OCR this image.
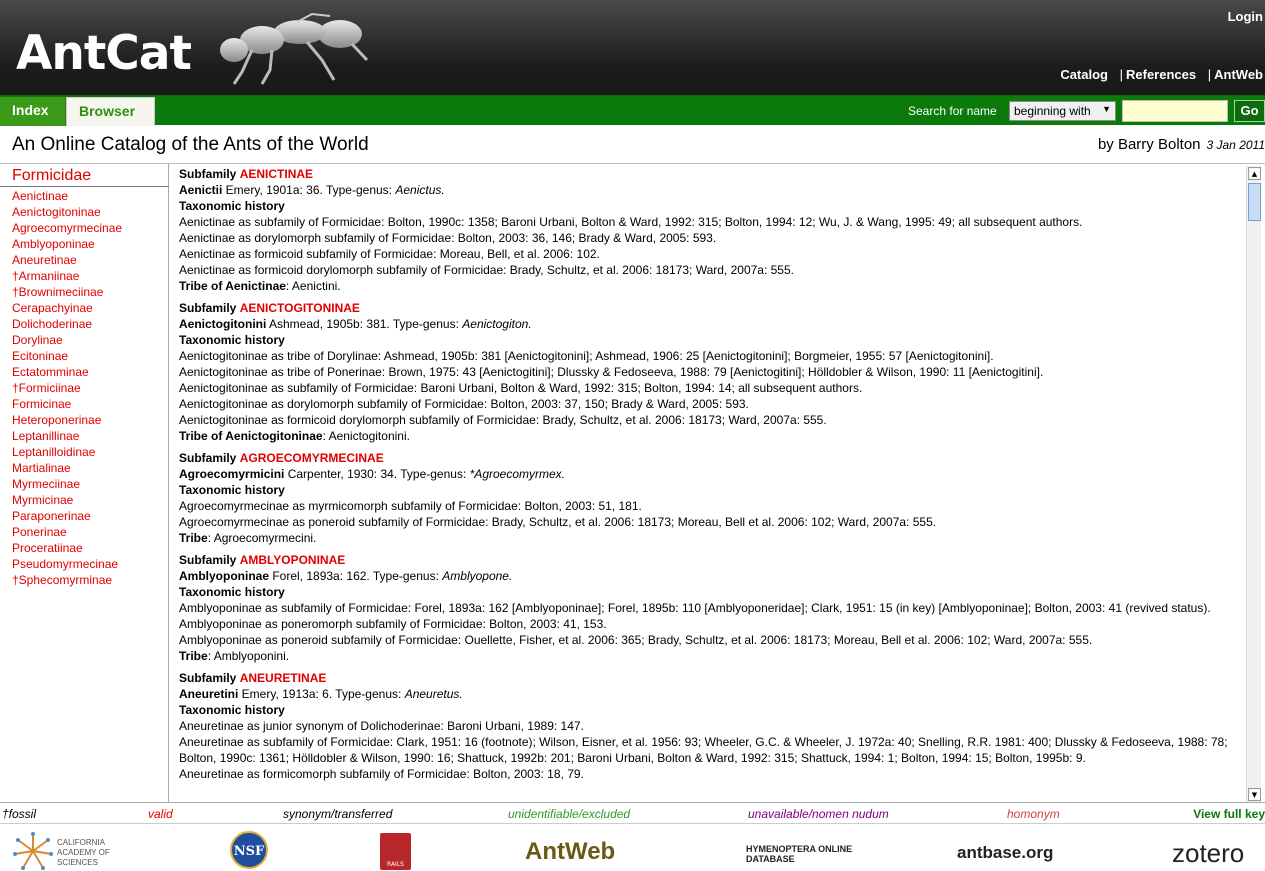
AntCat
Login
Catalog | References | AntWeb
Index	Browser	Search for name	beginning with ▼	Go
An Online Catalog of the Ants of the World	by Barry Bolton 3 Jan 2011
Formicidae
Aenictinae
Aenictogitoninae
Agroecomyrmecinae
Amblyoponinae
Aneuretinae
†Armaniinae
†Brownimeciinae
Cerapachyinae
Dolichoderinae
Dorylinae
Ecitoninae
Ectatomminae
†Formiciinae
Formicinae
Heteroponerinae
Leptanillinae
Leptanilloidinae
Martialinae
Myrmeciinae
Myrmicinae
Paraponerinae
Ponerinae
Proceratiinae
Pseudomyrmecinae
†Sphecomyrminae
Subfamily AENICTINAE
Aenictii Emery, 1901a: 36. Type-genus: Aenictus.
Taxonomic history
Aenictinae as subfamily of Formicidae: Bolton, 1990c: 1358; Baroni Urbani, Bolton & Ward, 1992: 315; Bolton, 1994: 12; Wu, J. & Wang, 1995: 49; all subsequent authors.
Aenictinae as dorylomorph subfamily of Formicidae: Bolton, 2003: 36, 146; Brady & Ward, 2005: 593.
Aenictinae as formicoid subfamily of Formicidae: Moreau, Bell, et al. 2006: 102.
Aenictinae as formicoid dorylomorph subfamily of Formicidae: Brady, Schultz, et al. 2006: 18173; Ward, 2007a: 555.
Tribe of Aenictinae: Aenictini.
Subfamily AENICTOGITONINAE
Aenictogitonini Ashmead, 1905b: 381. Type-genus: Aenictogiton.
Taxonomic history
Aenictogitoninae as tribe of Dorylinae: Ashmead, 1905b: 381 [Aenictogitonini]; Ashmead, 1906: 25 [Aenictogitonini]; Borgmeier, 1955: 57 [Aenictogitonini].
Aenictogitoninae as tribe of Ponerinae: Brown, 1975: 43 [Aenictogitini]; Dlussky & Fedoseeva, 1988: 79 [Aenictogitini]; Hölldobler & Wilson, 1990: 11 [Aenictogitini].
Aenictogitoninae as subfamily of Formicidae: Baroni Urbani, Bolton & Ward, 1992: 315; Bolton, 1994: 14; all subsequent authors.
Aenictogitoninae as dorylomorph subfamily of Formicidae: Bolton, 2003: 37, 150; Brady & Ward, 2005: 593.
Aenictogitoninae as formicoid dorylomorph subfamily of Formicidae: Brady, Schultz, et al. 2006: 18173; Ward, 2007a: 555.
Tribe of Aenictogitoninae: Aenictogitonini.
Subfamily AGROECOMYRMECINAE
Agroecomyrmicini Carpenter, 1930: 34. Type-genus: *Agroecomyrmex.
Taxonomic history
Agroecomyrmecinae as myrmicomorph subfamily of Formicidae: Bolton, 2003: 51, 181.
Agroecomyrmecinae as poneroid subfamily of Formicidae: Brady, Schultz, et al. 2006: 18173; Moreau, Bell et al. 2006: 102; Ward, 2007a: 555.
Tribe: Agroecomyrmecini.
Subfamily AMBLYOPONINAE
Amblyoponinae Forel, 1893a: 162. Type-genus: Amblyopone.
Taxonomic history
Amblyoponinae as subfamily of Formicidae: Forel, 1893a: 162 [Amblyoponinae]; Forel, 1895b: 110 [Amblyoponeridae]; Clark, 1951: 15 (in key) [Amblyoponinae]; Bolton, 2003: 41 (revived status).
Amblyoponinae as poneromorph subfamily of Formicidae: Bolton, 2003: 41, 153.
Amblyoponinae as poneroid subfamily of Formicidae: Ouellette, Fisher, et al. 2006: 365; Brady, Schultz, et al. 2006: 18173; Moreau, Bell et al. 2006: 102; Ward, 2007a: 555.
Tribe: Amblyoponini.
Subfamily ANEURETINAE
Aneuretini Emery, 1913a: 6. Type-genus: Aneuretus.
Taxonomic history
Aneuretinae as junior synonym of Dolichoderinae: Baroni Urbani, 1989: 147.
Aneuretinae as subfamily of Formicidae: Clark, 1951: 16 (footnote); Wilson, Eisner, et al. 1956: 93; Wheeler, G.C. & Wheeler, J. 1972a: 40; Snelling, R.R. 1981: 400; Dlussky & Fedoseeva, 1988: 78; Bolton, 1990c: 1361; Hölldobler & Wilson, 1990: 16; Shattuck, 1992b: 201; Baroni Urbani, Bolton & Ward, 1992: 315; Shattuck, 1994: 1; Bolton, 1994: 15; Bolton, 1995b: 9.
Aneuretinae as formicomorph subfamily of Formicidae: Bolton, 2003: 18, 79.
▲
▼
†fossil	valid	synonym/transferred	unidentifiable/excluded	unavailable/nomen nudum	homonym	View full key
CALIFORNIA ACADEMY OF SCIENCES
NSF
RAILS	AntWeb	HYMENOPTERA ONLINE DATABASE	antbase.org	zotero
